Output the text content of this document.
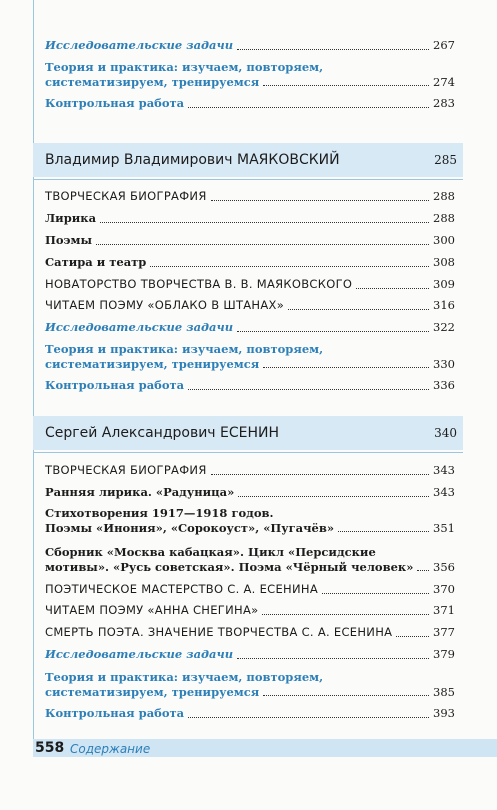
Исследовательские задачи	267
Теория и практика: изучаем, повторяем,
систематизируем, тренируемся	274
Контрольная работа	283
Владимир Владимирович МАЯКОВСКИЙ	285
ТВОРЧЕСКАЯ БИОГРАФИЯ	288
Лирика	288
Поэмы	300
Сатира и театр	308
НОВАТОРСТВО ТВОРЧЕСТВА В. В. МАЯКОВСКОГО	309
ЧИТАЕМ ПОЭМУ «ОБЛАКО В ШТАНАХ»	316
Исследовательские задачи	322
Теория и практика: изучаем, повторяем,
систематизируем, тренируемся	330
Контрольная работа	336
Сергей Александрович ЕСЕНИН	340
ТВОРЧЕСКАЯ БИОГРАФИЯ	343
Ранняя лирика. «Радуница»	343
Стихотворения 1917—1918 годов.
Поэмы «Инония», «Сорокоуст», «Пугачёв»	351
Сборник «Москва кабацкая». Цикл «Персидские
мотивы». «Русь советская». Поэма «Чёрный человек» 356
ПОЭТИЧЕСКОЕ МАСТЕРСТВО С. А. ЕСЕНИНА	370
ЧИТАЕМ ПОЭМУ «АННА СНЕГИНА»	371
СМЕРТЬ ПОЭТА. ЗНАЧЕНИЕ ТВОРЧЕСТВА С. А. ЕСЕНИНА	377
Исследовательские задачи	379
Теория и практика: изучаем, повторяем,
систематизируем, тренируемся	385
Контрольная работа	393
558 Содержание
